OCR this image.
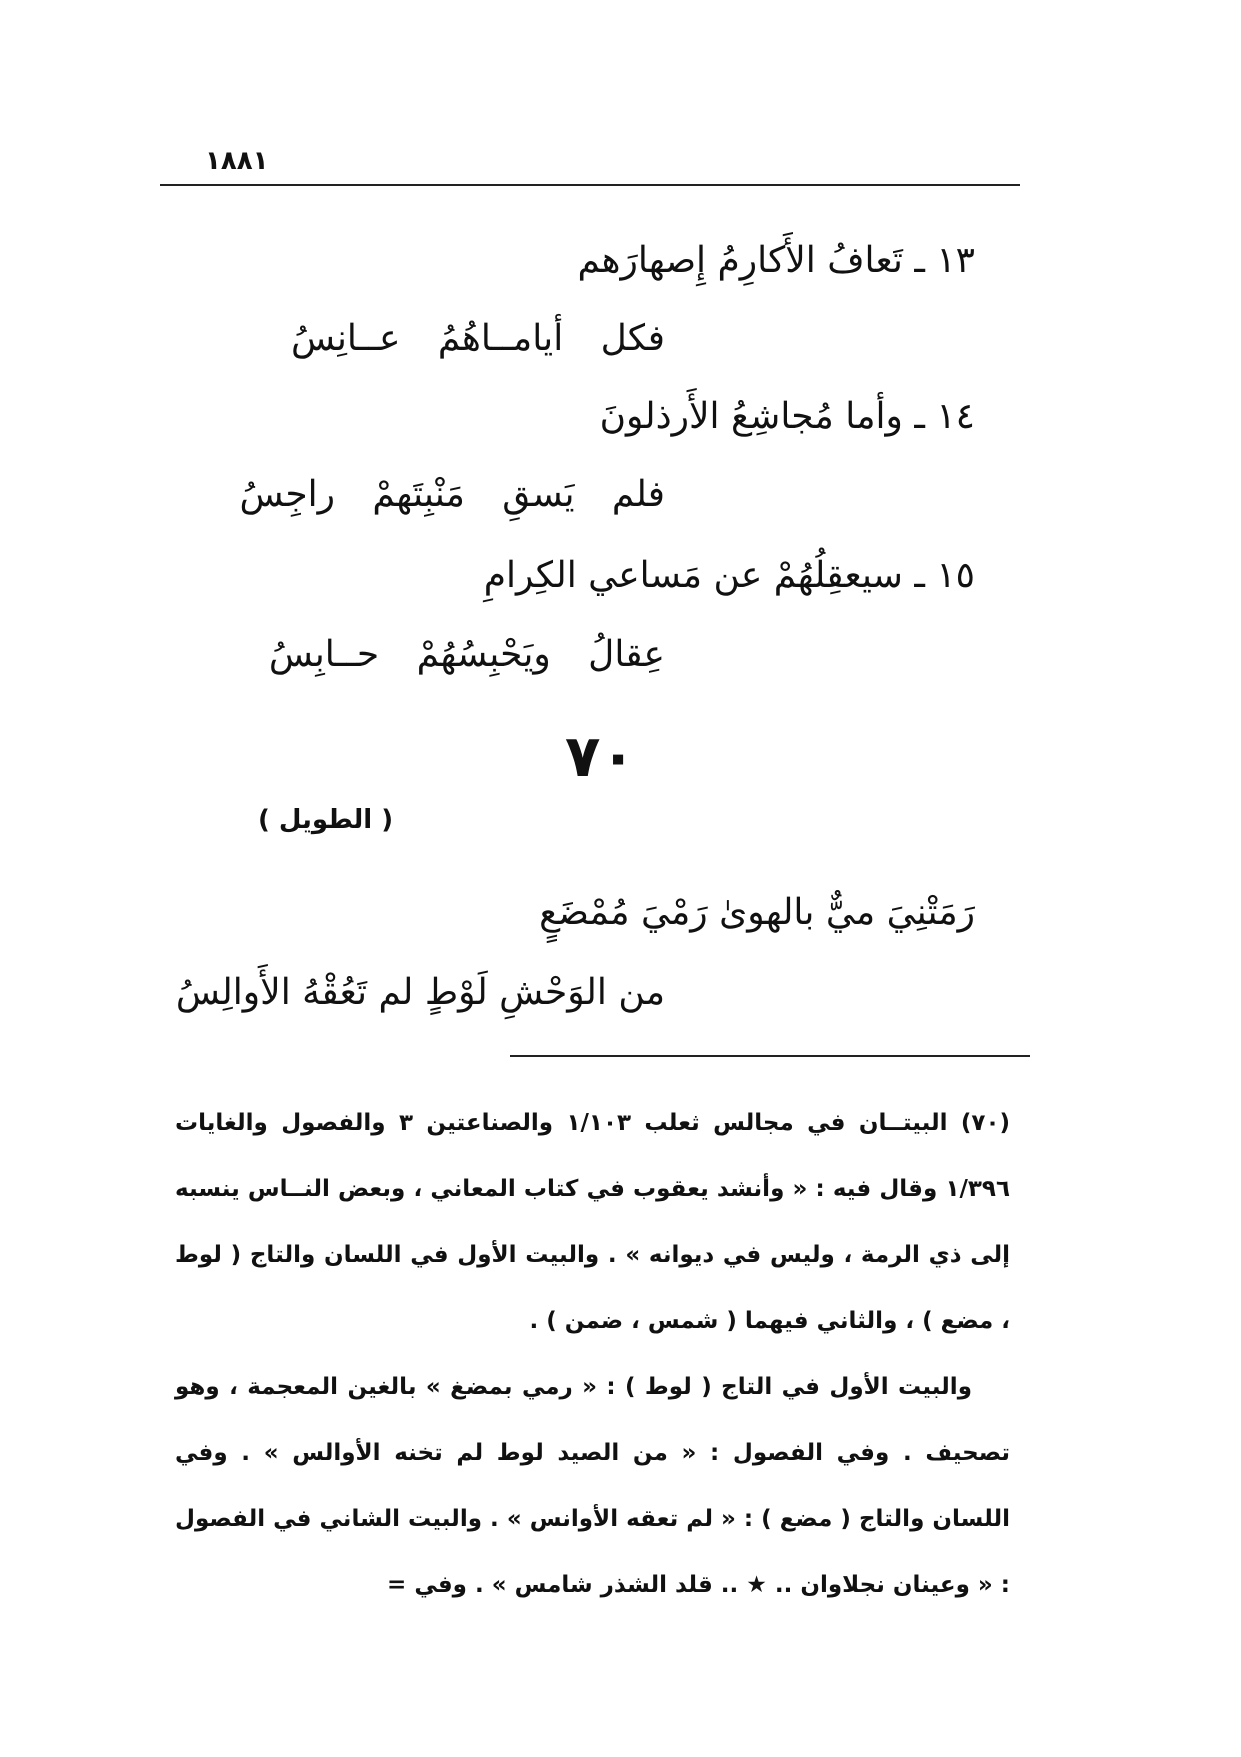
١٨٨١
١٣ ـ تَعافُ الأَكارِمُ إِصهارَهم
فكل أيامــاهُمُ عــانِسُ
١٤ ـ وأما مُجاشِعُ الأَرذلونَ
فلم يَسقِ مَنْبِتَهمْ راجِسُ
١٥ ـ سيعقِلُهُمْ عن مَساعي الكِرامِ
عِقالُ ويَحْبِسُهُمْ حــابِسُ
٧٠
( الطويل )
رَمَتْنِيَ ميٌّ بالهوىٰ رَمْيَ مُمْضَعٍ
من الوَحْشِ لَوْطٍ لم تَعُقْهُ الأَوالِسُ

(٧٠) البيتــان في مجالس ثعلب ١/١٠٣ والصناعتين ٣ والفصول والغايات ١/٣٩٦ وقال فيه : « وأنشد يعقوب في كتاب المعاني ، وبعض النــاس ينسبه إلى ذي الرمة ، وليس في ديوانه » . والبيت الأول في اللسان والتاج ( لوط ، مضع ) ، والثاني فيهما ( شمس ، ضمن ) .

والبيت الأول في التاج ( لوط ) : « رمي بمضغ » بالغين المعجمة ، وهو تصحيف . وفي الفصول : « من الصيد لوط لم تخنه الأوالس » . وفي اللسان والتاج ( مضع ) : « لم تعقه الأوانس » . والبيت الشاني في الفصول : « وعينان نجلاوان .. ★ .. قلد الشذر شامس » . وفي =
